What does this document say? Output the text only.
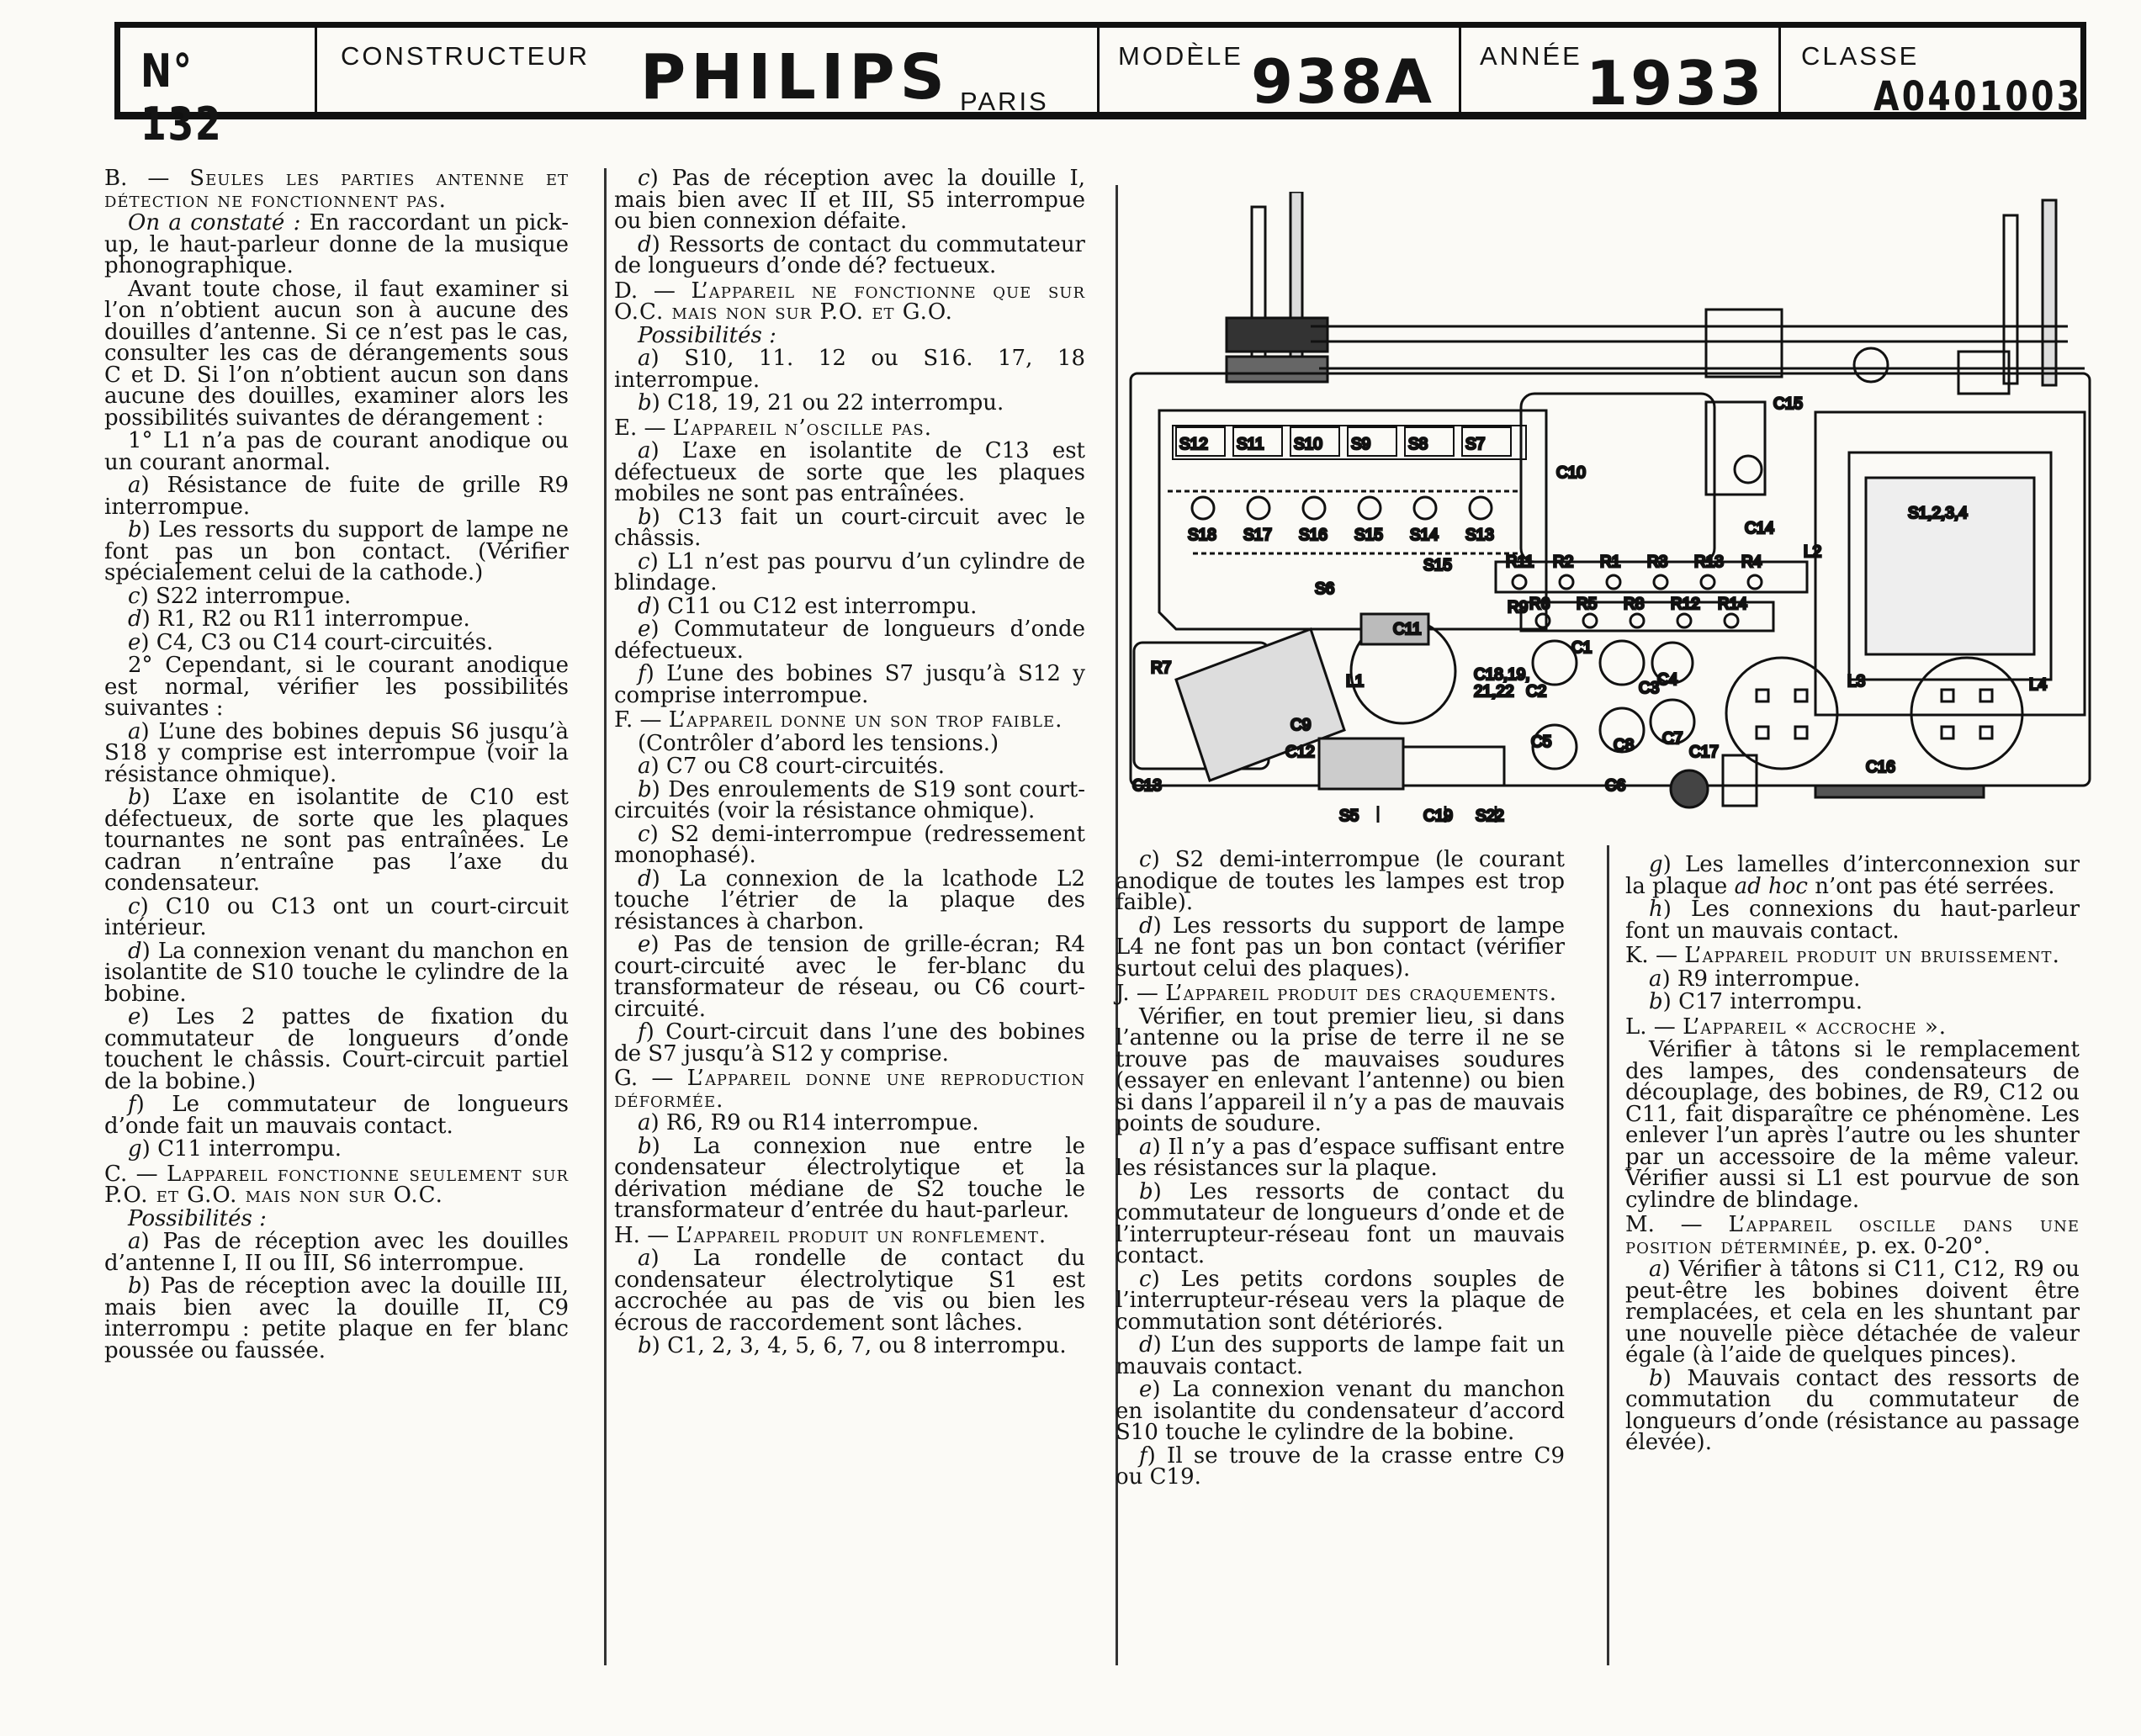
N° 132
CONSTRUCTEUR PHILIPS PARIS
MODÈLE 938A ANNÉE 1933 CLASSE
A0401003

B. — Seules les parties antenne et détection ne fonctionnent pas.

On a constaté : En raccordant un pick-up, le haut-parleur donne de la musique phonographique.

Avant toute chose, il faut examiner si l’on n’obtient aucun son à aucune des douilles d’antenne. Si ce n’est pas le cas, consulter les cas de dérangements sous C et D. Si l’on n’obtient aucun son dans aucune des douilles, examiner alors les possibilités suivantes de dérangement :

1° L1 n’a pas de courant anodique ou un courant anormal.

a) Résistance de fuite de grille R9 interrompue.

b) Les ressorts du support de lampe ne font pas un bon contact. (Vérifier spécialement celui de la cathode.)

c) S22 interrompue.

d) R1, R2 ou R11 interrompue.

e) C4, C3 ou C14 court-circuités.

2° Cependant, si le courant anodique est normal, vérifier les possibilités suivantes :

a) L’une des bobines depuis S6 jusqu’à S18 y comprise est interrompue (voir la résistance ohmique).

b) L’axe en isolantite de C10 est défectueux, de sorte que les plaques tournantes ne sont pas entraînées. Le cadran n’entraîne pas l’axe du condensateur.

c) C10 ou C13 ont un court-circuit intérieur.

d) La connexion venant du manchon en isolantite de S10 touche le cylindre de la bobine.

e) Les 2 pattes de fixation du commutateur de longueurs d’onde touchent le châssis. Court-circuit partiel de la bobine.)

f) Le commutateur de longueurs d’onde fait un mauvais contact.

g) C11 interrompu.

C. — Lappareil fonctionne seulement sur P.O. et G.O. mais non sur O.C.

Possibilités :

a) Pas de réception avec les douilles d’antenne I, II ou III, S6 interrompue.

b) Pas de réception avec la douille III, mais bien avec la douille II, C9 interrompu : petite plaque en fer blanc poussée ou faussée.

c) Pas de réception avec la douille I, mais bien avec II et III, S5 interrompue ou bien connexion défaite.

d) Ressorts de contact du commutateur de longueurs d’onde dé? fectueux.

D. — L’appareil ne fonctionne que sur O.C. mais non sur P.O. et G.O.

Possibilités :

a) S10, 11. 12 ou S16. 17, 18 interrompue.

b) C18, 19, 21 ou 22 interrompu.

E. — L’appareil n’oscille pas.

a) L’axe en isolantite de C13 est défectueux de sorte que les plaques mobiles ne sont pas entraînées.

b) C13 fait un court-circuit avec le châssis.

c) L1 n’est pas pourvu d’un cylindre de blindage.

d) C11 ou C12 est interrompu.

e) Commutateur de longueurs d’onde défectueux.

f) L’une des bobines S7 jusqu’à S12 y comprise interrompue.

F. — L’appareil donne un son trop faible.

(Contrôler d’abord les tensions.)

a) C7 ou C8 court-circuités.

b) Des enroulements de S19 sont court-circuités (voir la résistance ohmique).

c) S2 demi-interrompue (redressement monophasé).

d) La connexion de la lcathode L2 touche l’étrier de la plaque des résistances à charbon.

e) Pas de tension de grille-écran; R4 court-circuité avec le fer-blanc du transformateur de réseau, ou C6 court-circuité.

f) Court-circuit dans l’une des bobines de S7 jusqu’à S12 y comprise.

G. — L’appareil donne une reproduction déformée.

a) R6, R9 ou R14 interrompue.

b) La connexion nue entre le condensateur électrolytique et la dérivation médiane de S2 touche le transformateur d’entrée du haut-parleur.

H. — L’appareil produit un ronflement.

a) La rondelle de contact du condensateur électrolytique S1 est accrochée au pas de vis ou bien les écrous de raccordement sont lâches.

b) C1, 2, 3, 4, 5, 6, 7, ou 8 interrompu.

c) S2 demi-interrompue (le courant anodique de toutes les lampes est trop faible).

d) Les ressorts du support de lampe L4 ne font pas un bon contact (vérifier surtout celui des plaques).

J. — L’appareil produit des craquements.

Vérifier, en tout premier lieu, si dans l’antenne ou la prise de terre il ne se trouve pas de mauvaises soudures (essayer en enlevant l’antenne) ou bien si dans l’appareil il n’y a pas de mauvais points de soudure.

a) Il n’y a pas d’espace suffisant entre les résistances sur la plaque.

b) Les ressorts de contact du commutateur de longueurs d’onde et de l’interrupteur-réseau font un mauvais contact.

c) Les petits cordons souples de l’interrupteur-réseau vers la plaque de commutation sont détériorés.

d) L’un des supports de lampe fait un mauvais contact.

e) La connexion venant du manchon en isolantite du condensateur d’accord S10 touche le cylindre de la bobine.

f) Il se trouve de la crasse entre C9 ou C19.

g) Les lamelles d’interconnexion sur la plaque ad hoc n’ont pas été serrées.

h) Les connexions du haut-parleur font un mauvais contact.

K. — L’appareil produit un bruissement.

a) R9 interrompue.

b) C17 interrompu.

L. — L’appareil « accroche ».

Vérifier à tâtons si le remplacement des lampes, des condensateurs de découplage, des bobines, de R9, C12 ou C11, fait disparaître ce phénomène. Les enlever l’un après l’autre ou les shunter par un accessoire de la même valeur. Vérifier aussi si L1 est pourvue de son cylindre de blindage.

M. — L’appareil oscille dans une position déterminée, p. ex. 0-20°.

a) Vérifier à tâtons si C11, C12, R9 ou peut-être les bobines doivent être remplacées, et cela en les shuntant par une nouvelle pièce détachée de valeur égale (à l’aide de quelques pinces).

b) Mauvais contact des ressorts de commutation du commutateur de longueurs d’onde (résistance au passage élevée).

S12 S11 S10 S9 S8 S7
S18 S17 S16 S15 S14 S13
S6
S15
C10
C15
C14
S1,2,3,4
L2
R11 R2 R1 R3 R13 R4
R6 R5 R8 R12 R14
R7
C13
C12
C9
C11
L1	C18,19,
21,22
R9
C2	C3
C4
C1
C5	C8 C7
C6
C17
L3	L4
C16
S5	C19 S22
